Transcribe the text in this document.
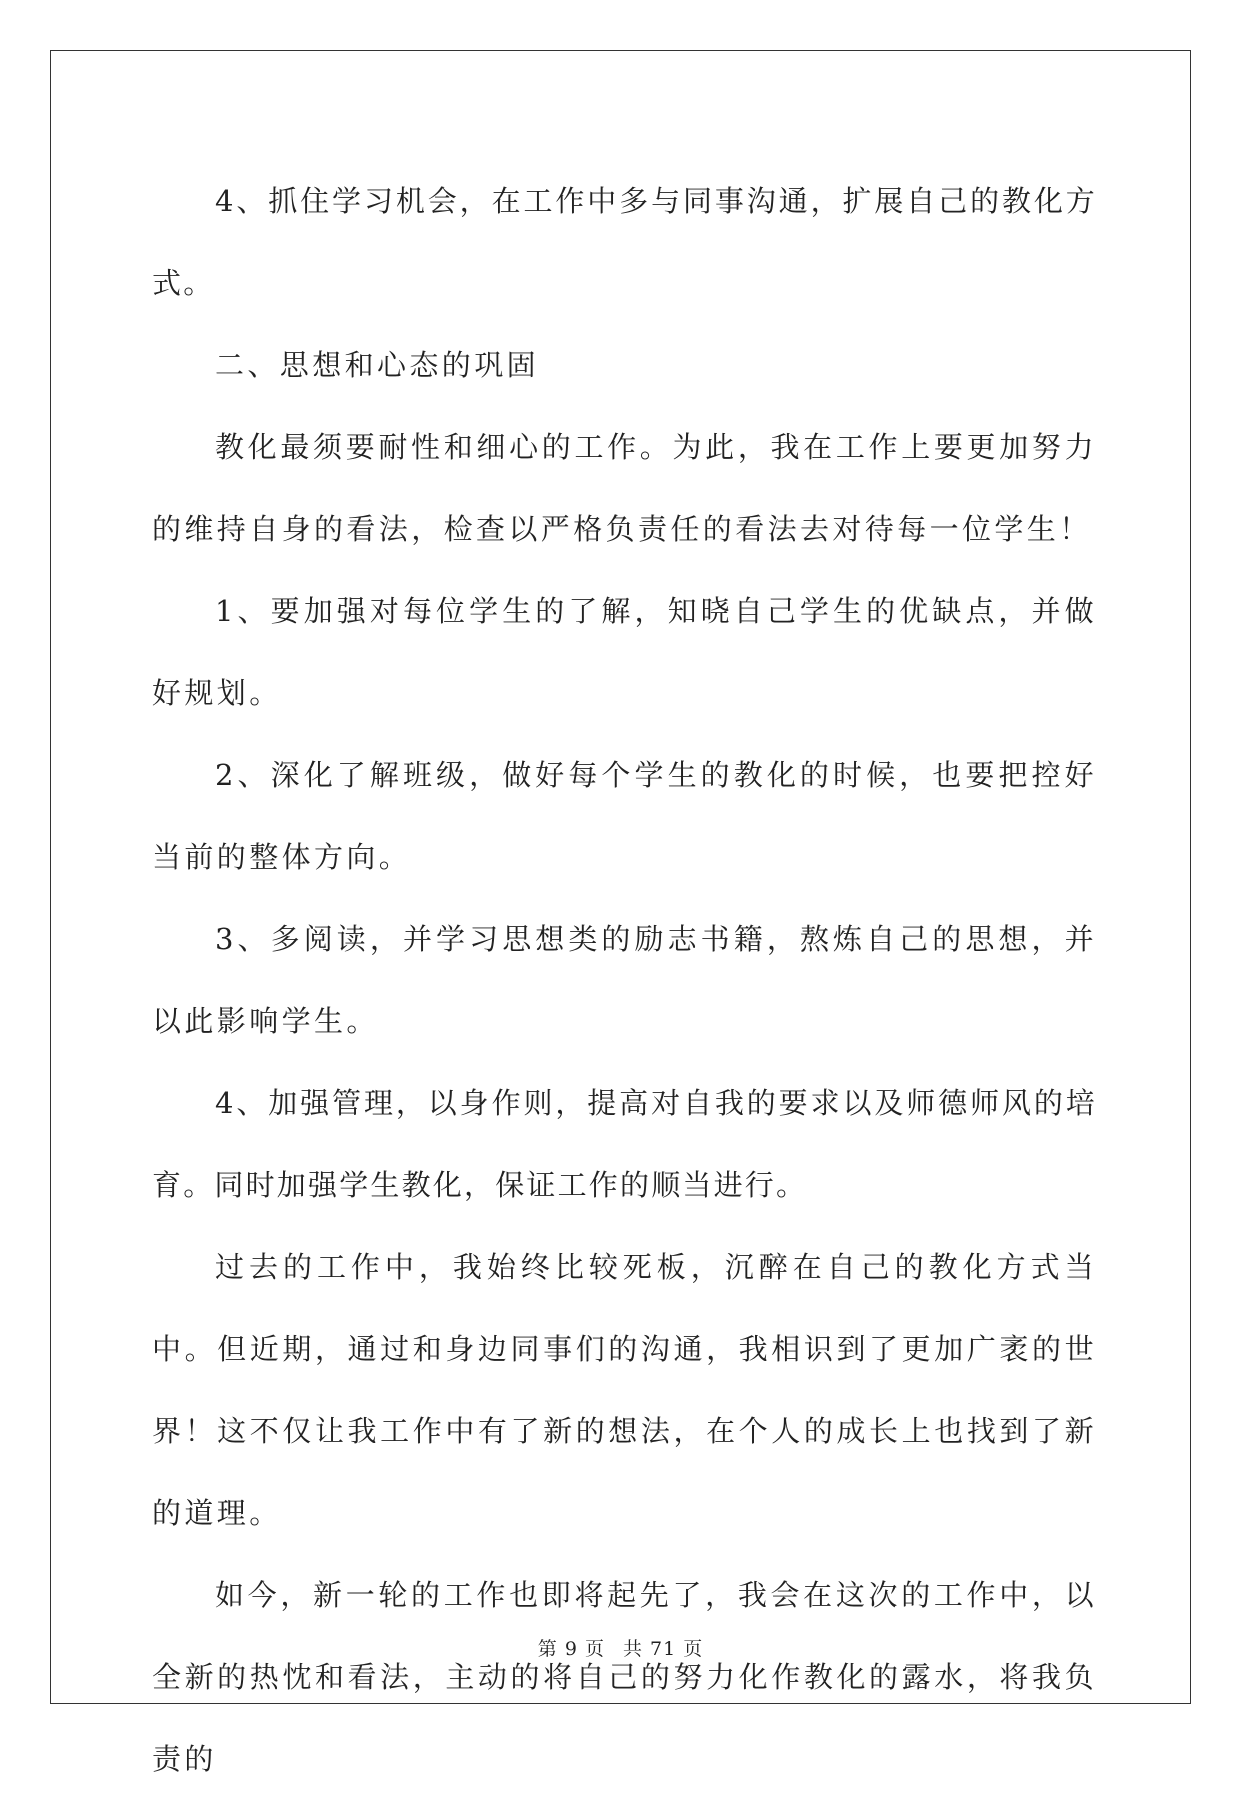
4、抓住学习机会，在工作中多与同事沟通，扩展自己的教化方式。

二、思想和心态的巩固

教化最须要耐性和细心的工作。为此，我在工作上要更加努力的维持自身的看法，检查以严格负责任的看法去对待每一位学生！

1、要加强对每位学生的了解，知晓自己学生的优缺点，并做好规划。

2、深化了解班级，做好每个学生的教化的时候，也要把控好当前的整体方向。

3、多阅读，并学习思想类的励志书籍，熬炼自己的思想，并以此影响学生。

4、加强管理，以身作则，提高对自我的要求以及师德师风的培育。同时加强学生教化，保证工作的顺当进行。

过去的工作中，我始终比较死板，沉醉在自己的教化方式当中。但近期，通过和身边同事们的沟通，我相识到了更加广袤的世界！这不仅让我工作中有了新的想法，在个人的成长上也找到了新的道理。

如今，新一轮的工作也即将起先了，我会在这次的工作中，以全新的热忱和看法，主动的将自己的努力化作教化的露水，将我负责的

第 9 页 共 71 页
